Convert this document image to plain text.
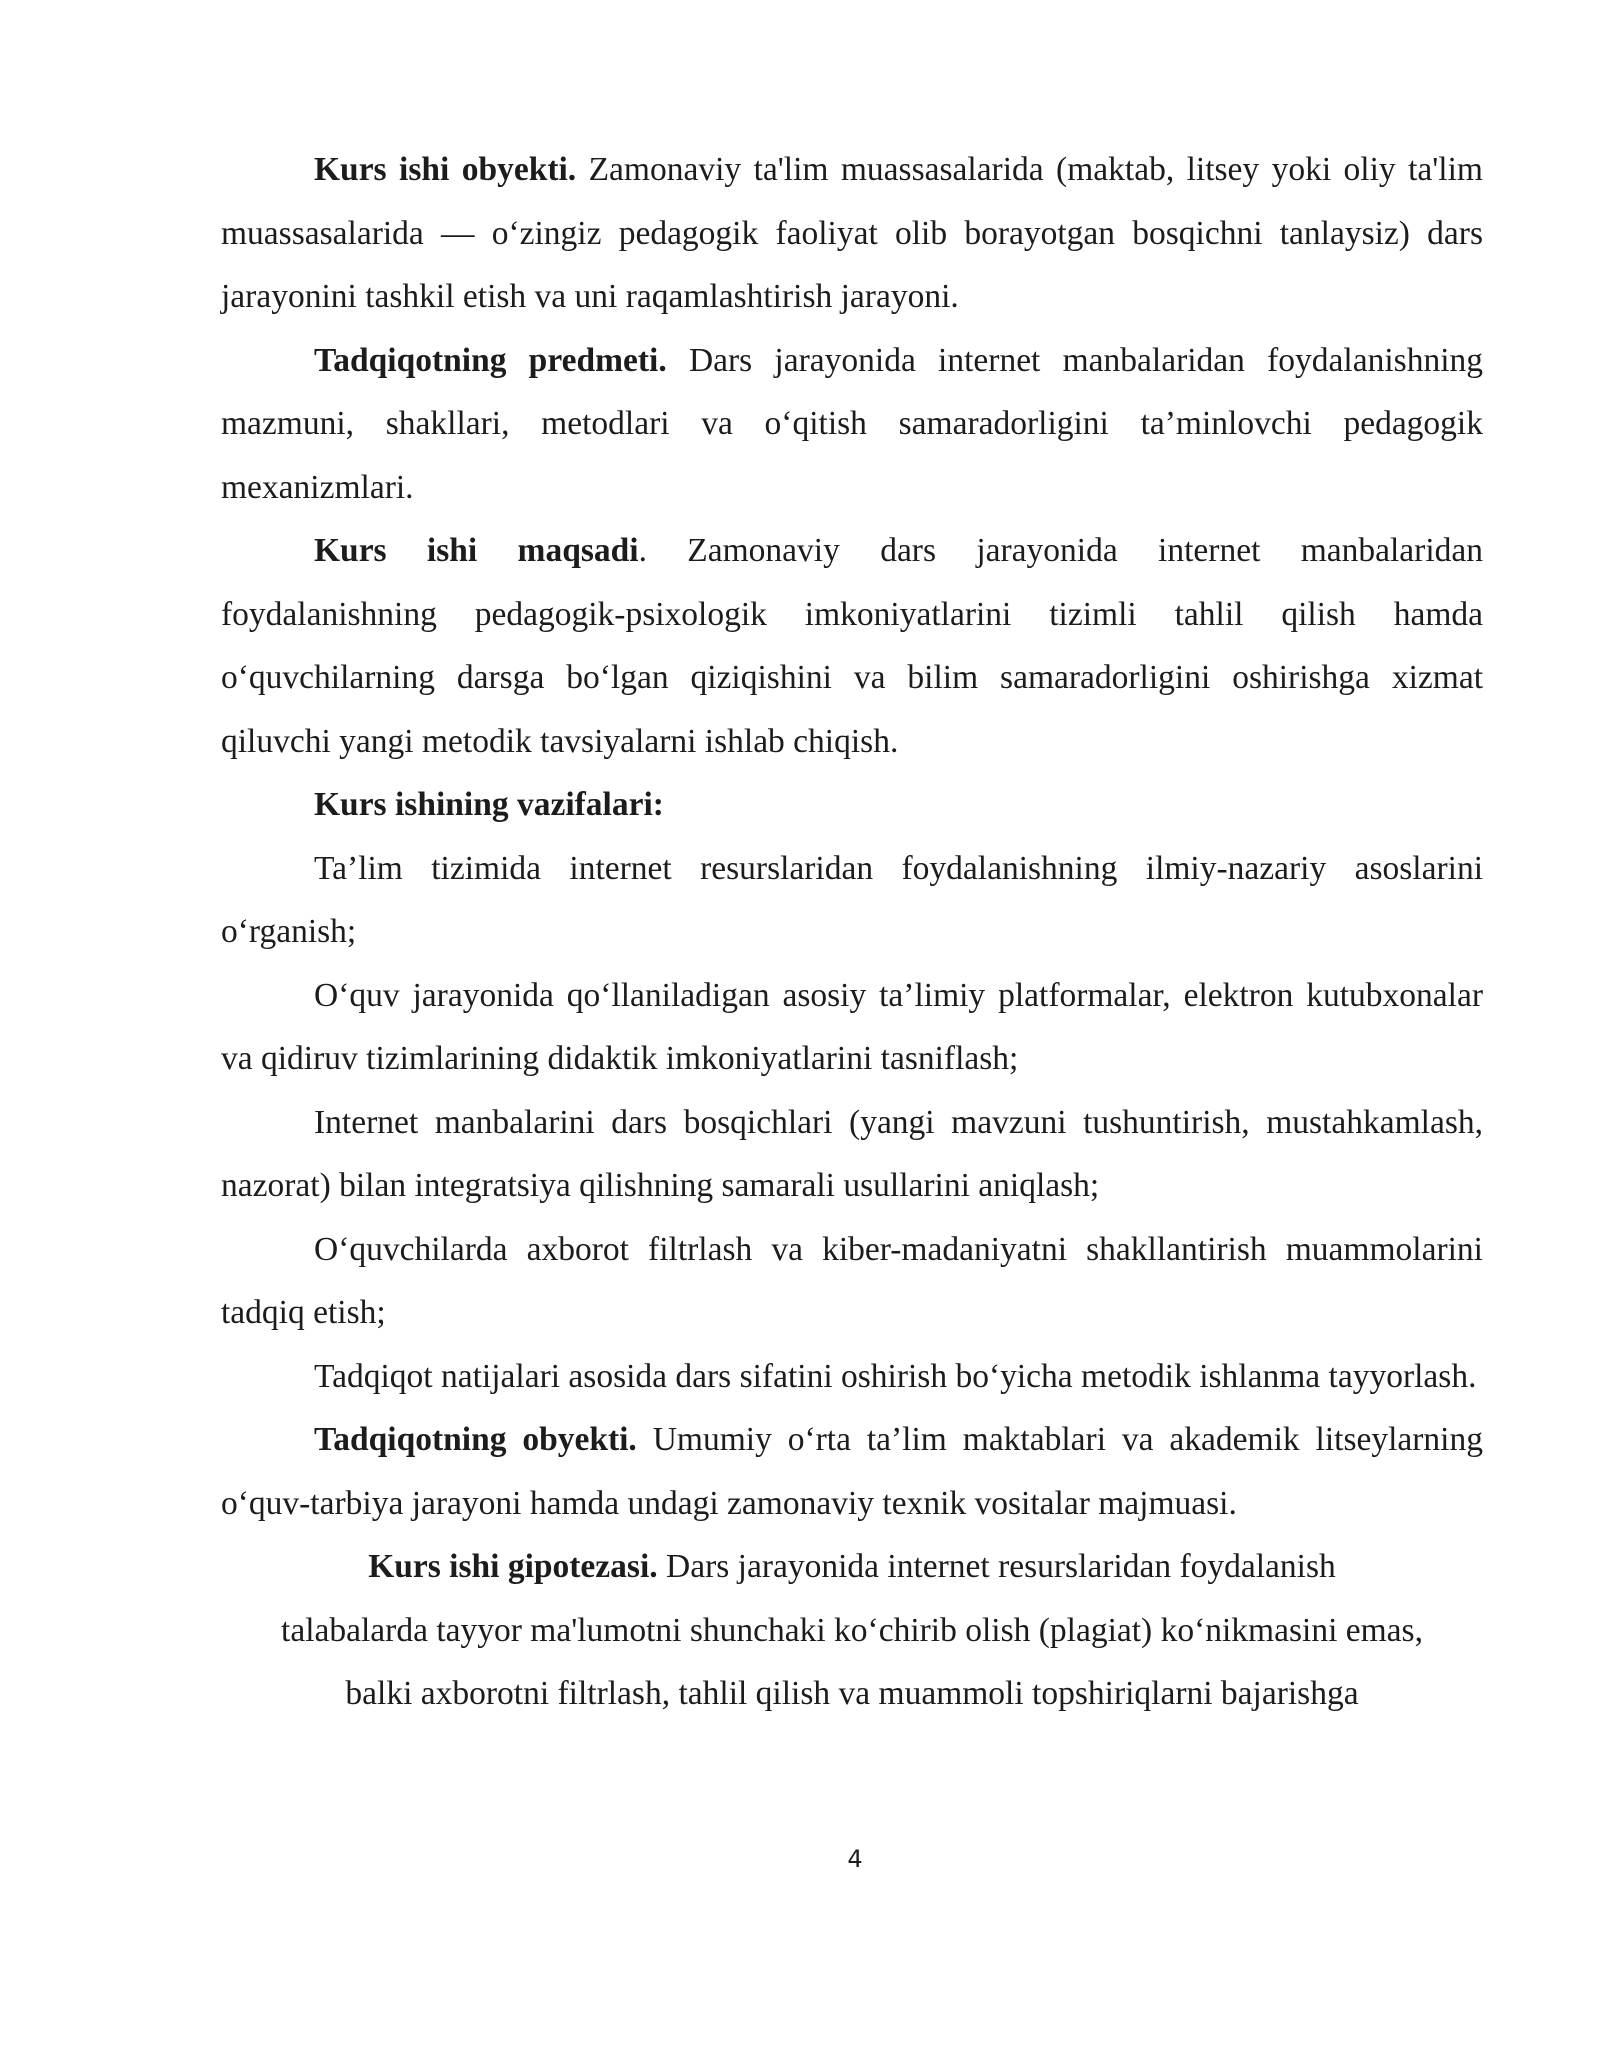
Kurs ishi obyekti. Zamonaviy ta'lim muassasalarida (maktab, litsey yoki oliy ta'lim muassasalarida — o‘zingiz pedagogik faoliyat olib borayotgan bosqichni tanlaysiz) dars jarayonini tashkil etish va uni raqamlashtirish jarayoni.

Tadqiqotning predmeti. Dars jarayonida internet manbalaridan foydalanishning mazmuni, shakllari, metodlari va o‘qitish samaradorligini ta’minlovchi pedagogik mexanizmlari.

Kurs ishi maqsadi. Zamonaviy dars jarayonida internet manbalaridan foydalanishning pedagogik-psixologik imkoniyatlarini tizimli tahlil qilish hamda o‘quvchilarning darsga bo‘lgan qiziqishini va bilim samaradorligini oshirishga xizmat qiluvchi yangi metodik tavsiyalarni ishlab chiqish.

Kurs ishining vazifalari:

Ta’lim tizimida internet resurslaridan foydalanishning ilmiy-nazariy asoslarini o‘rganish;

O‘quv jarayonida qo‘llaniladigan asosiy ta’limiy platformalar, elektron kutubxonalar va qidiruv tizimlarining didaktik imkoniyatlarini tasniflash;

Internet manbalarini dars bosqichlari (yangi mavzuni tushuntirish, mustahkamlash, nazorat) bilan integratsiya qilishning samarali usullarini aniqlash;

O‘quvchilarda axborot filtrlash va kiber-madaniyatni shakllantirish muammolarini tadqiq etish;

Tadqiqot natijalari asosida dars sifatini oshirish bo‘yicha metodik ishlanma tayyorlash.

Tadqiqotning obyekti. Umumiy o‘rta ta’lim maktablari va akademik litseylarning o‘quv-tarbiya jarayoni hamda undagi zamonaviy texnik vositalar majmuasi.

Kurs ishi gipotezasi. Dars jarayonida internet resurslaridan foydalanish

talabalarda tayyor ma'lumotni shunchaki ko‘chirib olish (plagiat) ko‘nikmasini emas,

balki axborotni filtrlash, tahlil qilish va muammoli topshiriqlarni bajarishga

4
